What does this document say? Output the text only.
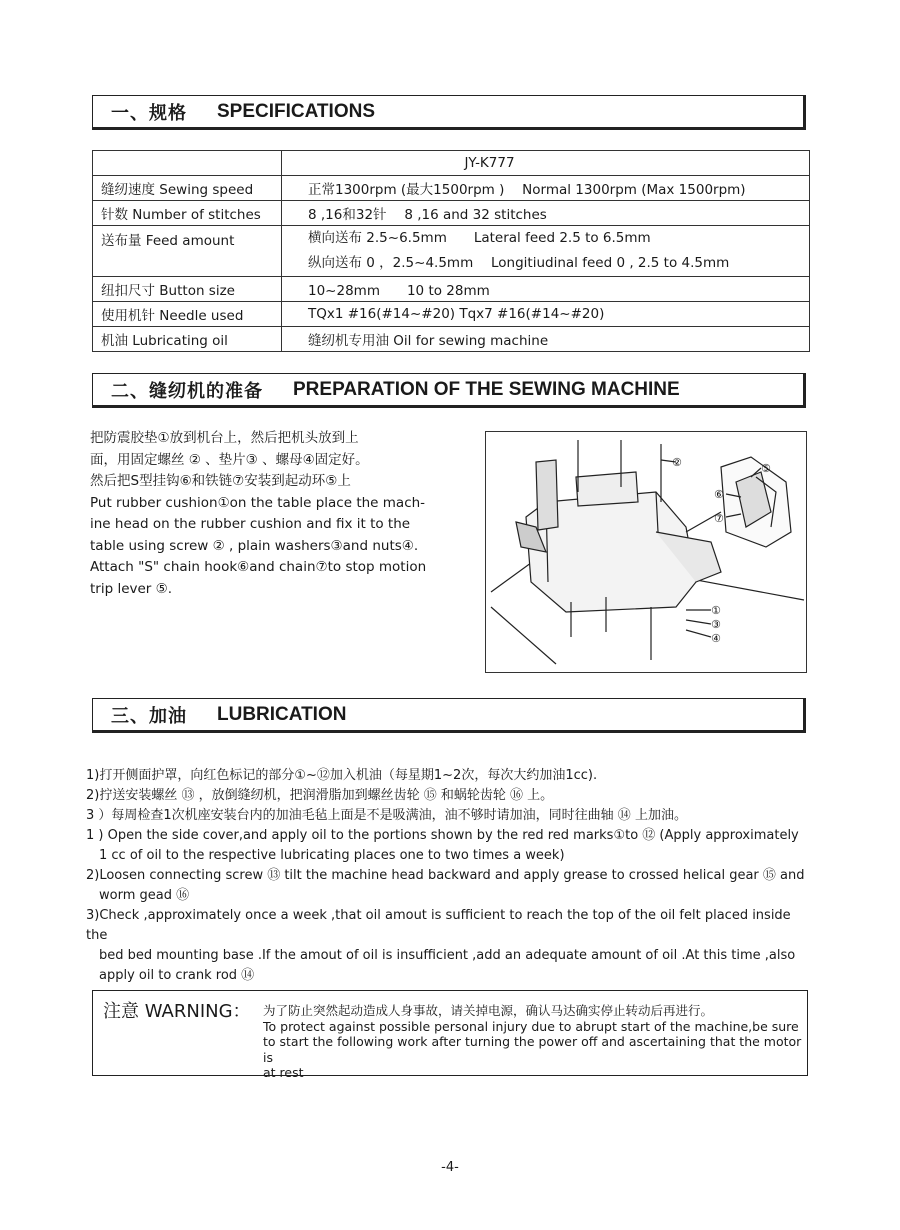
一、规格 SPECIFICATIONS
	JY-K777
缝纫速度 Sewing speed	正常1300rpm (最大1500rpm )　 Normal 1300rpm (Max 1500rpm)
针数 Number of stitches	8 ,16和32针　 8 ,16 and 32 stitches
送布量 Feed amount	横向送布 2.5~6.5mm　　Lateral feed 2.5 to 6.5mm
纵向送布 0 ，2.5~4.5mm　 Longitiudinal feed 0 , 2.5 to 4.5mm

纽扣尺寸 Button size	10~28mm　　10 to 28mm
使用机针 Needle used	TQx1 #16(#14~#20) Tqx7 #16(#14~#20)
机油 Lubricating oil	缝纫机专用油 Oil for sewing machine
二、缝纫机的准备 PREPARATION OF THE SEWING MACHINE

把防震胶垫①放到机台上，然后把机头放到上

面，用固定螺丝 ② 、垫片③ 、螺母④固定好。

然后把S型挂钩⑥和铁链⑦安装到起动环⑤上

Put rubber cushion①on the table place the mach-

ine head on the rubber cushion and fix it to the

table using screw ② , plain washers③and nuts④.

Attach "S" chain hook⑥and chain⑦to stop motion

trip lever ⑤.

①
②
③
④
⑤
⑥
⑦
三、加油 LUBRICATION

1)打开侧面护罩，向红色标记的部分①~⑫加入机油（每星期1~2次，每次大约加油1cc).

2)拧送安装螺丝 ⑬ ，放倒缝纫机，把润滑脂加到螺丝齿轮 ⑮ 和蜗轮齿轮 ⑯ 上。

3 ）每周检查1次机座安装台内的加油毛毡上面是不是吸满油，油不够时请加油，同时往曲轴 ⑭ 上加油。

1 ) Open the side cover,and apply oil to the portions shown by the red red marks①to ⑫ (Apply approximately

1 cc of oil to the respective lubricating places one to two times a week)

2)Loosen connecting screw ⑬ tilt the machine head backward and apply grease to crossed helical gear ⑮ and

worm gead ⑯

3)Check ,approximately once a week ,that oil amout is sufficient to reach the top of the oil felt placed inside the

bed bed mounting base .If the amout of oil is insufficient ,add an adequate amount of oil .At this time ,also

apply oil to crank rod ⑭

注意 WARNING： 为了防止突然起动造成人身事故，请关掉电源，确认马达确实停止转动后再进行。
To protect against possible personal injury due to abrupt start of the machine,be sure
to start the following work after turning the power off and ascertaining that the motor is
at rest
-4-
